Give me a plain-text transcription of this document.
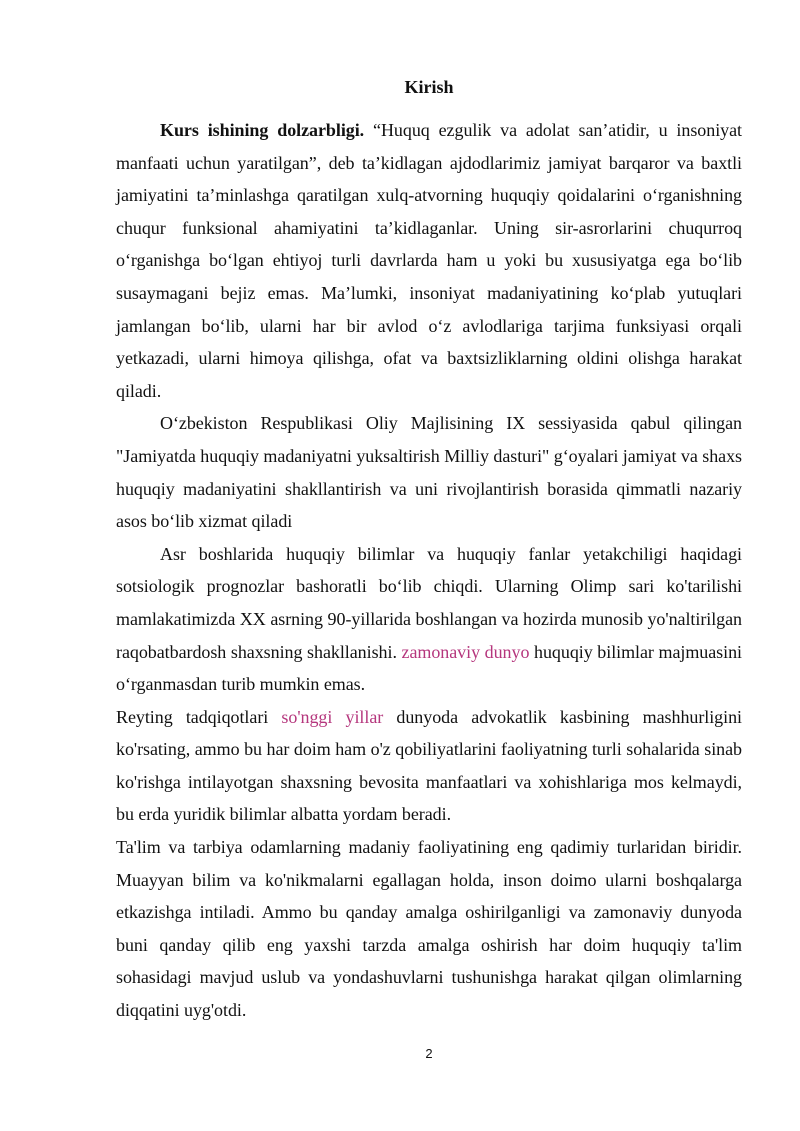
Kirish

Kurs ishining dolzarbligi. “Huquq ezgulik va adolat san’atidir, u insoniyat manfaati uchun yaratilgan”, deb ta’kidlagan ajdodlarimiz jamiyat barqaror va baxtli jamiyatini ta’minlashga qaratilgan xulq-atvorning huquqiy qoidalarini o‘rganishning chuqur funksional ahamiyatini ta’kidlaganlar. Uning sir-asrorlarini chuqurroq o‘rganishga bo‘lgan ehtiyoj turli davrlarda ham u yoki bu xususiyatga ega bo‘lib susaymagani bejiz emas. Ma’lumki, insoniyat madaniyatining ko‘plab yutuqlari jamlangan bo‘lib, ularni har bir avlod o‘z avlodlariga tarjima funksiyasi orqali yetkazadi, ularni himoya qilishga, ofat va baxtsizliklarning oldini olishga harakat qiladi.

O‘zbekiston Respublikasi Oliy Majlisining IX sessiyasida qabul qilingan "Jamiyatda huquqiy madaniyatni yuksaltirish Milliy dasturi" g‘oyalari jamiyat va shaxs huquqiy madaniyatini shakllantirish va uni rivojlantirish borasida qimmatli nazariy asos bo‘lib xizmat qiladi

Asr boshlarida huquqiy bilimlar va huquqiy fanlar yetakchiligi haqidagi sotsiologik prognozlar bashoratli bo‘lib chiqdi. Ularning Olimp sari ko'tarilishi mamlakatimizda XX asrning 90-yillarida boshlangan va hozirda munosib yo'naltirilgan raqobatbardosh shaxsning shakllanishi. zamonaviy dunyo huquqiy bilimlar majmuasini o‘rganmasdan turib mumkin emas.

Reyting tadqiqotlari so'nggi yillar dunyoda advokatlik kasbining mashhurligini ko'rsating, ammo bu har doim ham o'z qobiliyatlarini faoliyatning turli sohalarida sinab ko'rishga intilayotgan shaxsning bevosita manfaatlari va xohishlariga mos kelmaydi, bu erda yuridik bilimlar albatta yordam beradi.

Ta'lim va tarbiya odamlarning madaniy faoliyatining eng qadimiy turlaridan biridir. Muayyan bilim va ko'nikmalarni egallagan holda, inson doimo ularni boshqalarga etkazishga intiladi. Ammo bu qanday amalga oshirilganligi va zamonaviy dunyoda buni qanday qilib eng yaxshi tarzda amalga oshirish har doim huquqiy ta'lim sohasidagi mavjud uslub va yondashuvlarni tushunishga harakat qilgan olimlarning diqqatini uyg'otdi.

2
